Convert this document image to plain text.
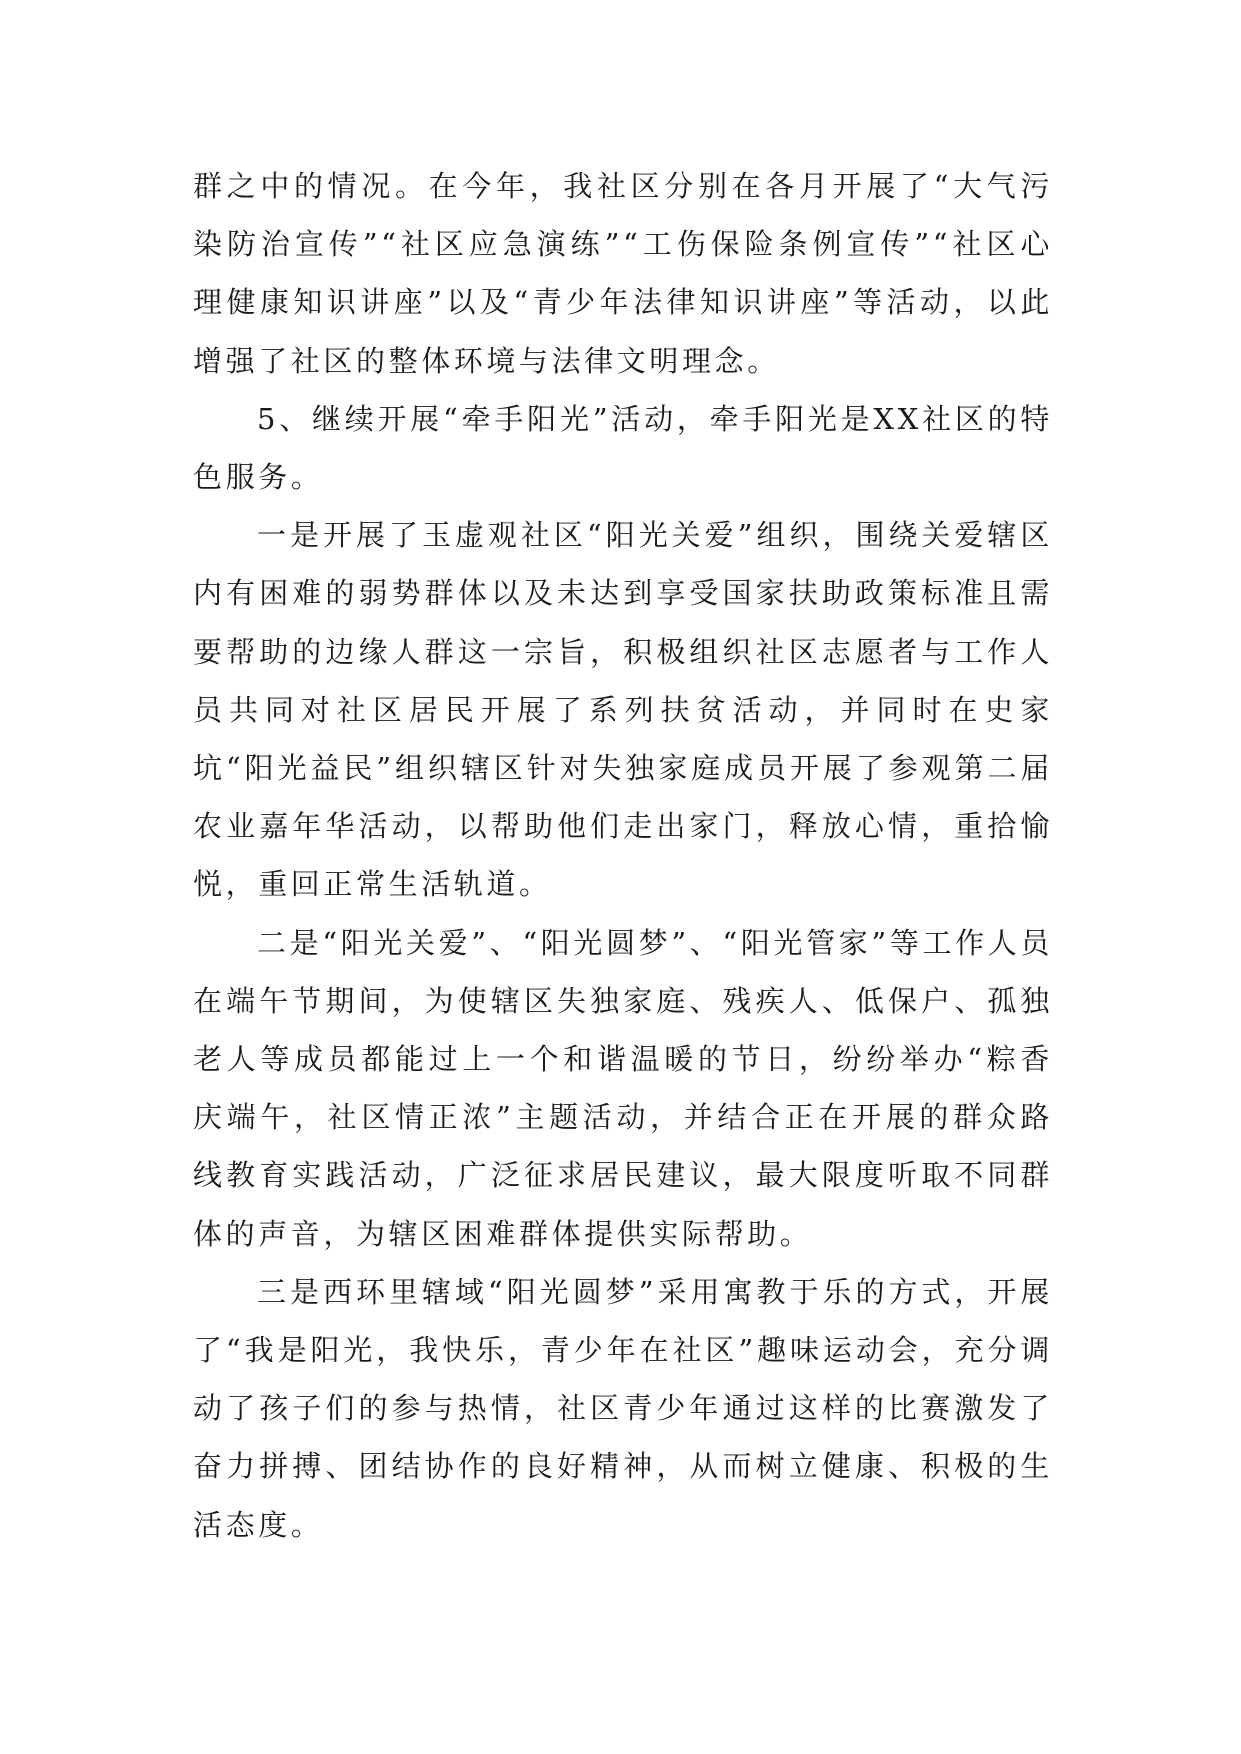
群之中的情况。在今年，我社区分别在各月开展了“大气污染防治宣传”“社区应急演练”“工伤保险条例宣传”“社区心理健康知识讲座”以及“青少年法律知识讲座”等活动，以此增强了社区的整体环境与法律文明理念。

5、继续开展“牵手阳光”活动，牵手阳光是XX社区的特色服务。

一是开展了玉虚观社区“阳光关爱”组织，围绕关爱辖区内有困难的弱势群体以及未达到享受国家扶助政策标准且需要帮助的边缘人群这一宗旨，积极组织社区志愿者与工作人员共同对社区居民开展了系列扶贫活动，并同时在史家坑“阳光益民”组织辖区针对失独家庭成员开展了参观第二届农业嘉年华活动，以帮助他们走出家门，释放心情，重拾愉悦，重回正常生活轨道。

二是“阳光关爱”、“阳光圆梦”、“阳光管家”等工作人员在端午节期间，为使辖区失独家庭、残疾人、低保户、孤独老人等成员都能过上一个和谐温暖的节日，纷纷举办“粽香庆端午，社区情正浓”主题活动，并结合正在开展的群众路线教育实践活动，广泛征求居民建议，最大限度听取不同群体的声音，为辖区困难群体提供实际帮助。

三是西环里辖域“阳光圆梦”采用寓教于乐的方式，开展了“我是阳光，我快乐，青少年在社区”趣味运动会，充分调动了孩子们的参与热情，社区青少年通过这样的比赛激发了奋力拼搏、团结协作的良好精神，从而树立健康、积极的生活态度。
